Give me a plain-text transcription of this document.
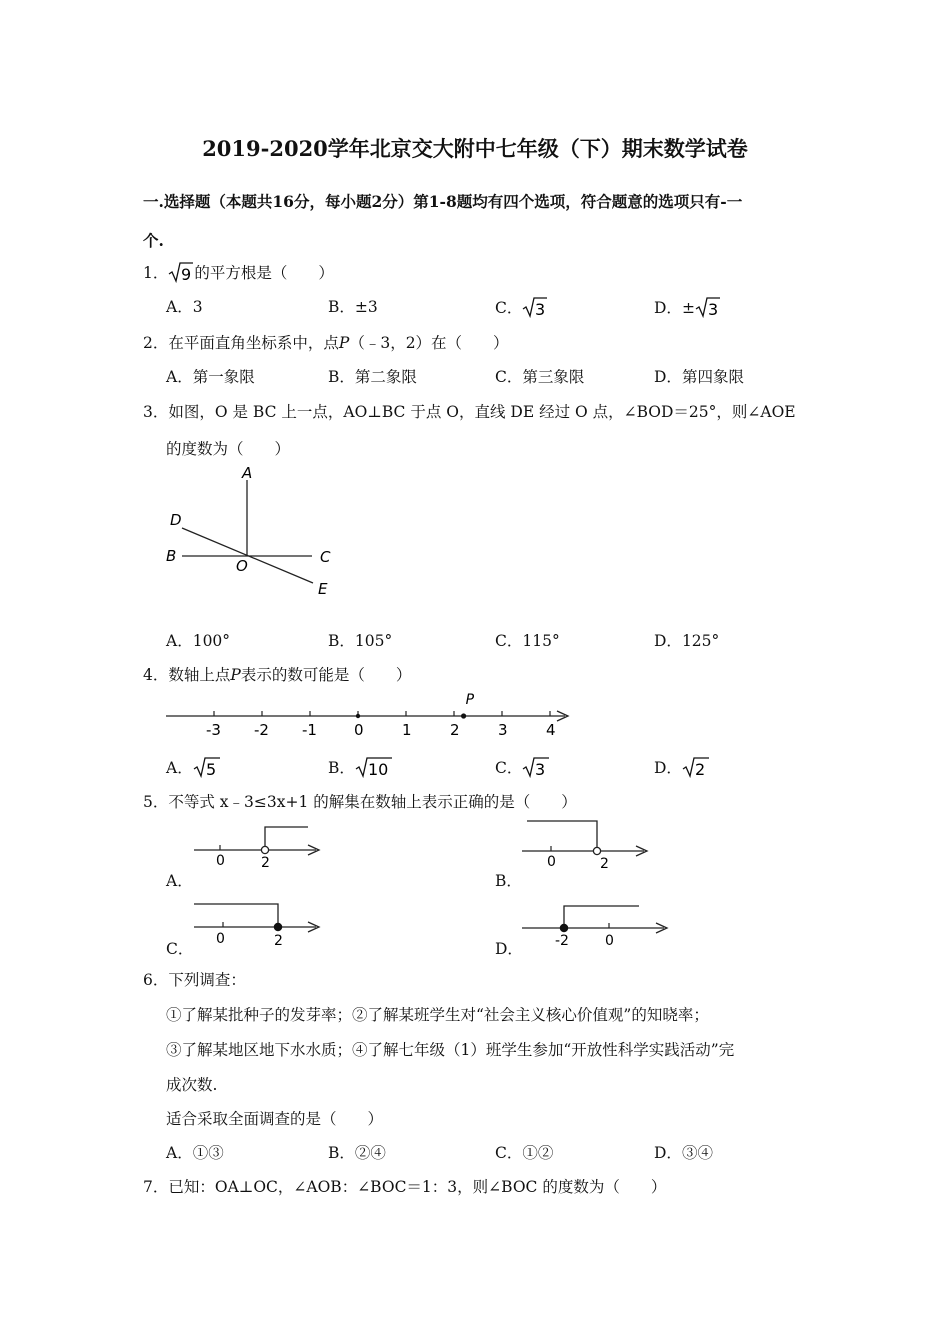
2019-2020学年北京交大附中七年级（下）期末数学试卷
一.选择题（本题共16分，每小题2分）第1-8题均有四个选项，符合题意的选项只有-一
个.
1． 9 的平方根是（　　）
A．3	B．±3	C． 3	D．± 3
2．在平面直角坐标系中，点P（﹣3，2）在（　　）
A．第一象限	B．第二象限	C．第三象限	D．第四象限
3．如图，O 是 BC 上一点，AO⊥BC 于点 O，直线 DE 经过 O 点，∠BOD＝25°，则∠AOE
的度数为（　　）
A
B	C
D
E
O
A．100°	B．105°	C．115°	D．125°
4．数轴上点P表示的数可能是（　　）
-3 -2 -1 0	1	2	3	4
P
A． 5	B． 10	C． 3	D． 2
5．不等式 x﹣3≤3x+1 的解集在数轴上表示正确的是（　　）
A．
0	2
B．
0	2
C．
0	2	D． -2	0
6．下列调查：
①了解某批种子的发芽率；②了解某班学生对“社会主义核心价值观”的知晓率；
③了解某地区地下水水质；④了解七年级（1）班学生参加“开放性科学实践活动”完
成次数.
适合采取全面调查的是（　　）
A．①③	B．②④	C．①②	D．③④
7．已知：OA⊥OC，∠AOB：∠BOC＝1：3，则∠BOC 的度数为（　　）
